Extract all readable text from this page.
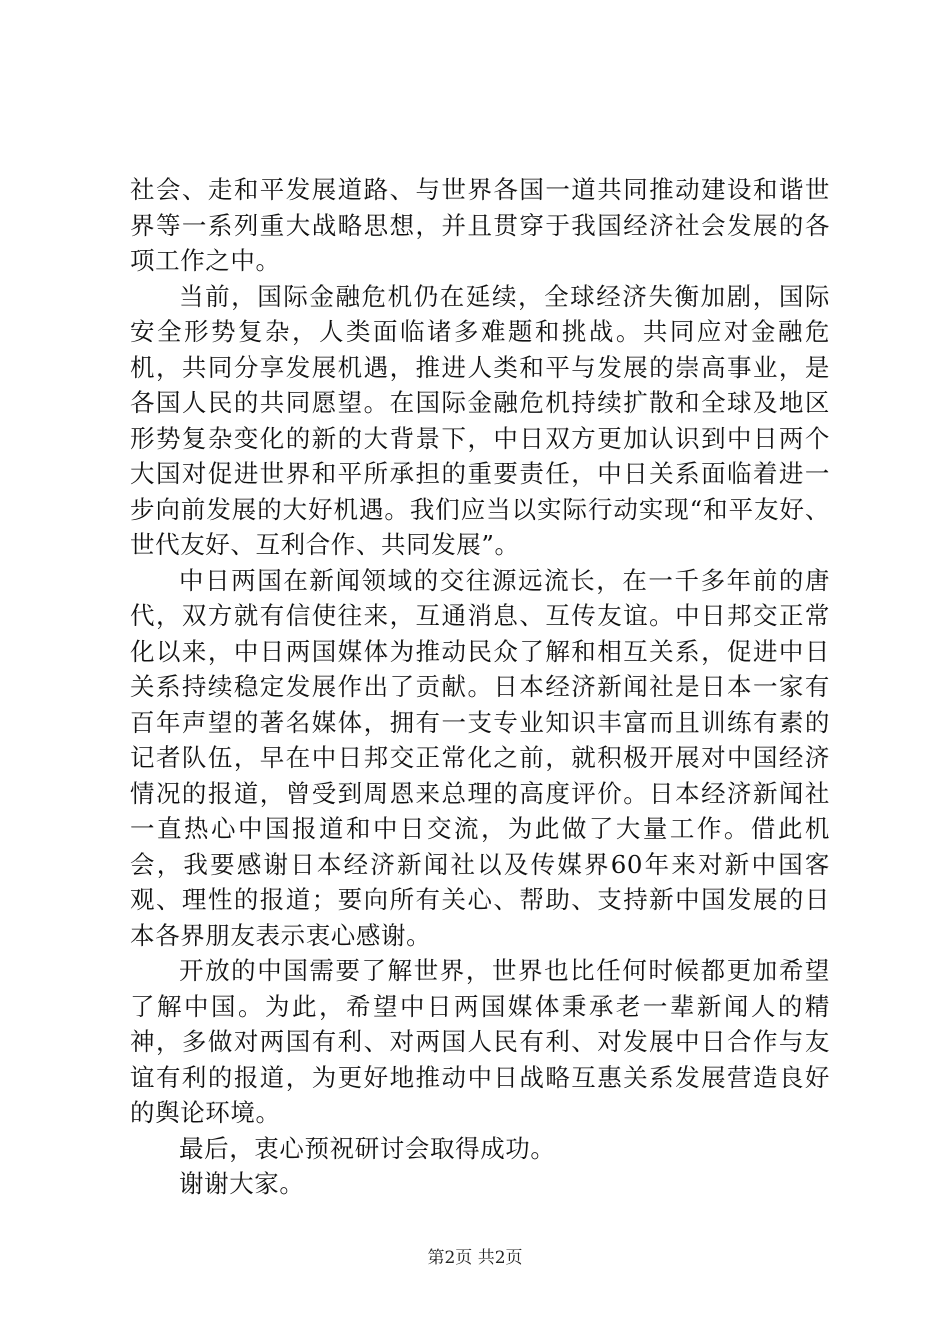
社会、走和平发展道路、与世界各国一道共同推动建设和谐世界等一系列重大战略思想，并且贯穿于我国经济社会发展的各项工作之中。

当前，国际金融危机仍在延续，全球经济失衡加剧，国际安全形势复杂，人类面临诸多难题和挑战。共同应对金融危机，共同分享发展机遇，推进人类和平与发展的崇高事业，是各国人民的共同愿望。在国际金融危机持续扩散和全球及地区形势复杂变化的新的大背景下，中日双方更加认识到中日两个大国对促进世界和平所承担的重要责任，中日关系面临着进一步向前发展的大好机遇。我们应当以实际行动实现“和平友好、世代友好、互利合作、共同发展”。

中日两国在新闻领域的交往源远流长，在一千多年前的唐代，双方就有信使往来，互通消息、互传友谊。中日邦交正常化以来，中日两国媒体为推动民众了解和相互关系，促进中日关系持续稳定发展作出了贡献。日本经济新闻社是日本一家有百年声望的著名媒体，拥有一支专业知识丰富而且训练有素的记者队伍，早在中日邦交正常化之前，就积极开展对中国经济情况的报道，曾受到周恩来总理的高度评价。日本经济新闻社一直热心中国报道和中日交流，为此做了大量工作。借此机会，我要感谢日本经济新闻社以及传媒界60年来对新中国客观、理性的报道；要向所有关心、帮助、支持新中国发展的日本各界朋友表示衷心感谢。

开放的中国需要了解世界，世界也比任何时候都更加希望了解中国。为此，希望中日两国媒体秉承老一辈新闻人的精神，多做对两国有利、对两国人民有利、对发展中日合作与友谊有利的报道，为更好地推动中日战略互惠关系发展营造良好的舆论环境。

最后，衷心预祝研讨会取得成功。

谢谢大家。

第2页 共2页
